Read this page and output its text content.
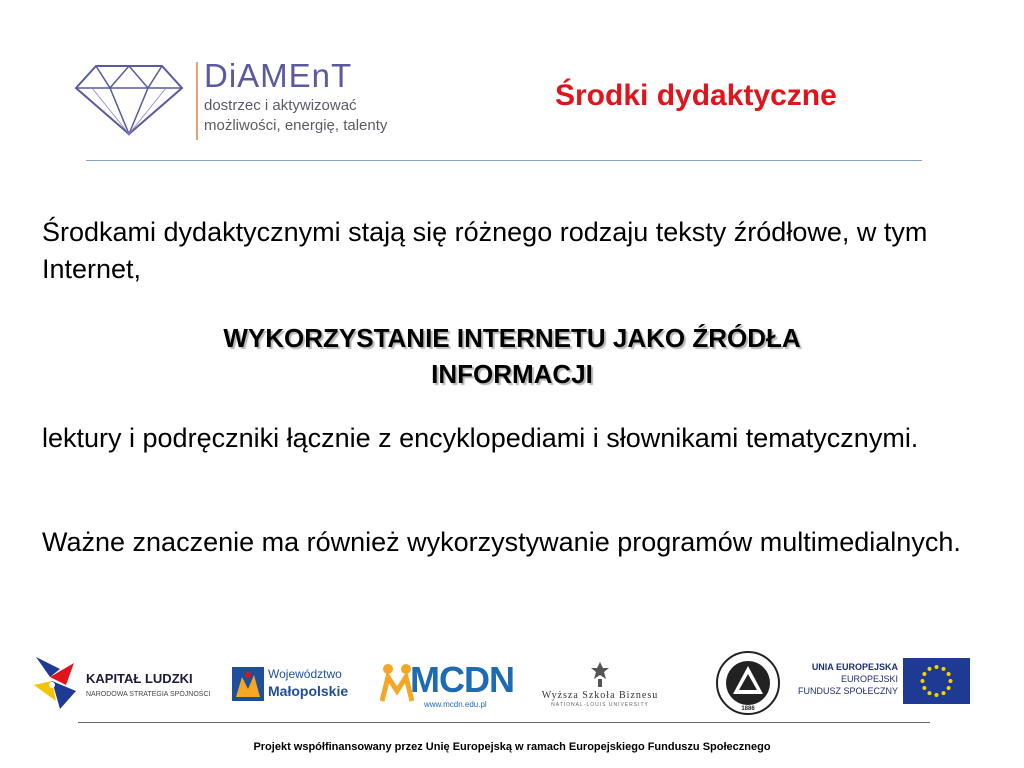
DiAMEnT
dostrzec i aktywizować
możliwości, energię, talenty
Środki dydaktyczne
Środkami dydaktycznymi stają się różnego rodzaju teksty źródłowe, w tym Internet,
WYKORZYSTANIE INTERNETU JAKO ŹRÓDŁA
INFORMACJI
lektury i podręczniki łącznie z encyklopediami i słownikami tematycznymi.
Ważne znaczenie ma również wykorzystywanie programów multimedialnych.
KAPITAŁ LUDZKI
NARODOWA STRATEGIA SPÓJNOŚCI
Województwo
Małopolskie MCDN
www.mcdn.edu.pl
Wyższa Szkoła Biznesu
NATIONAL-LOUIS UNIVERSITY
1886
UNIA EUROPEJSKA
EUROPEJSKI
FUNDUSZ SPOŁECZNY
Projekt współfinansowany przez Unię Europejską w ramach Europejskiego Funduszu Społecznego
